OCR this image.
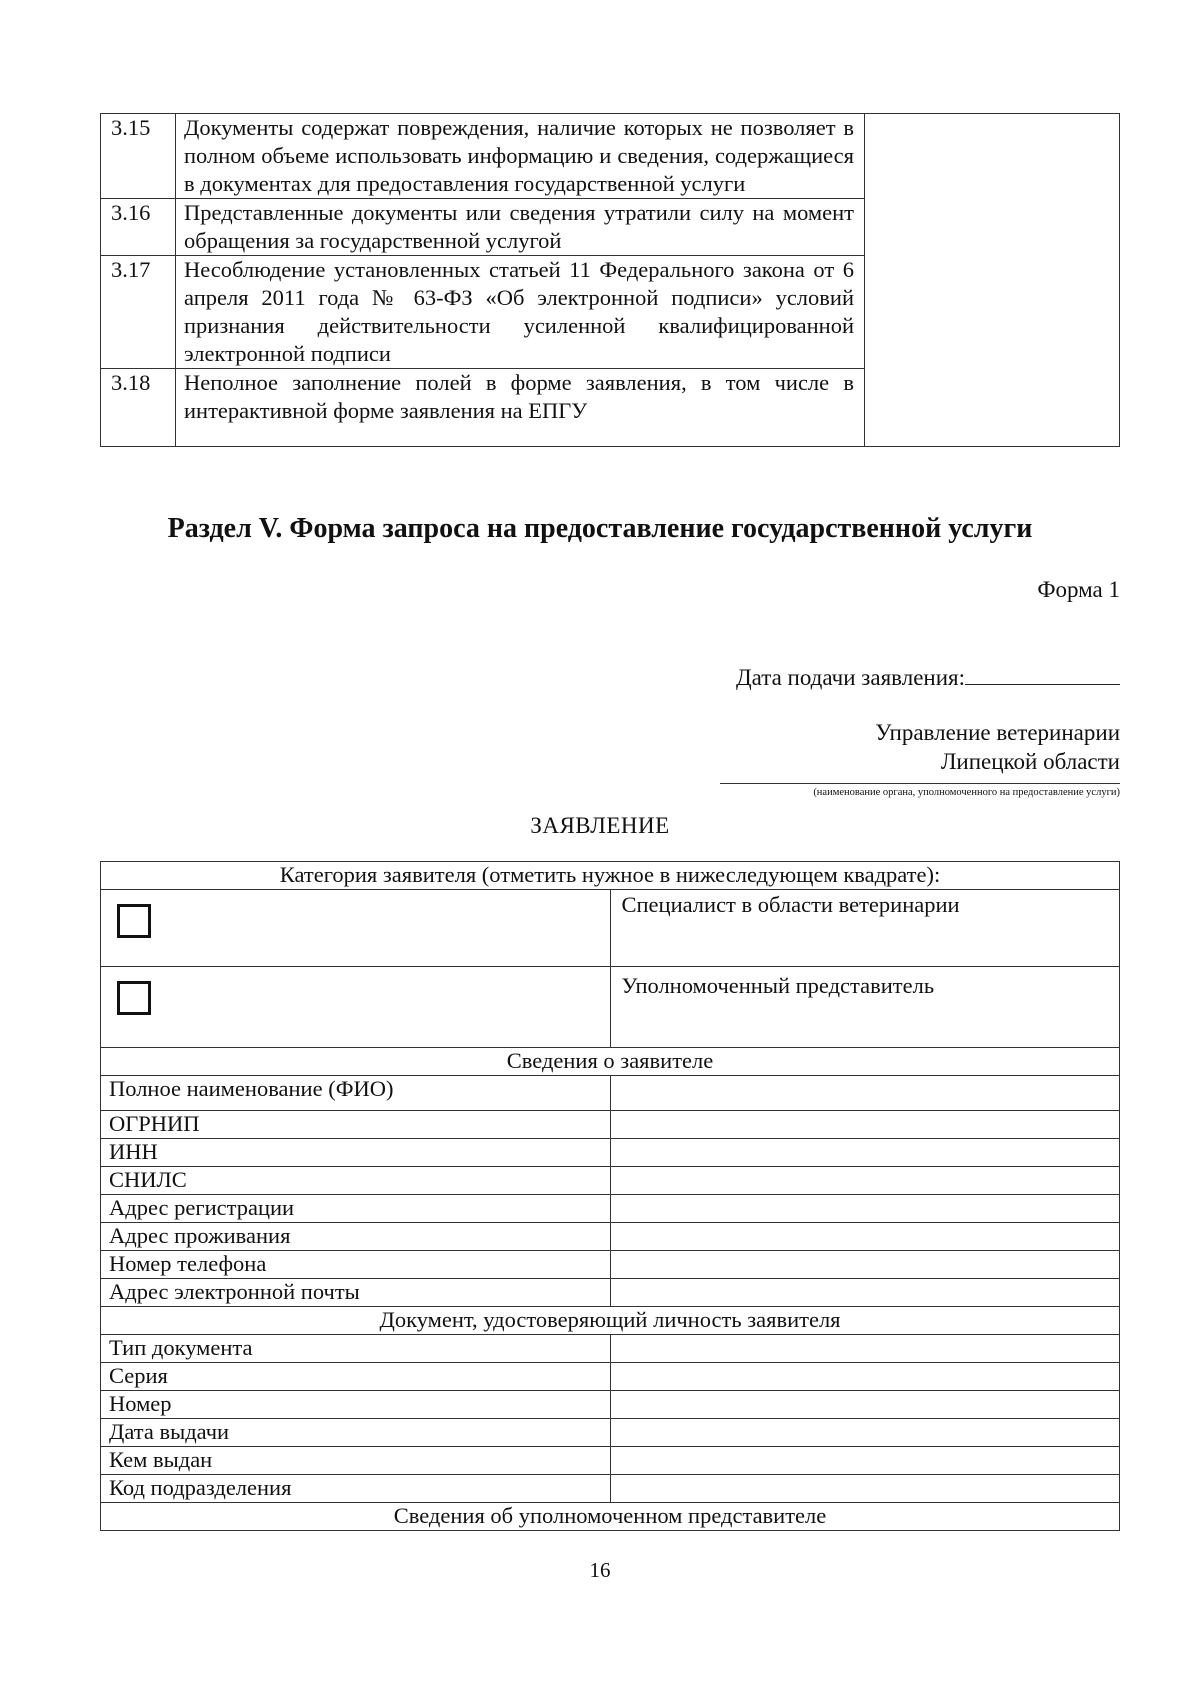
3.15	Документы содержат повреждения, наличие которых не позволяет в полном объеме использовать информацию и сведения, содержащиеся в документах для предоставления государственной услуги	
3.16	Представленные документы или сведения утратили силу на момент обращения за государственной услугой	
3.17	Несоблюдение установленных статьей 11 Федерального закона от 6 апреля 2011 года № 63-ФЗ «Об электронной подписи» условий признания действительности усиленной квалифицированной электронной подписи	
3.18	Неполное заполнение полей в форме заявления, в том числе в интерактивной форме заявления на ЕПГУ	
Раздел V. Форма запроса на предоставление государственной услуги
Форма 1
Дата подачи заявления:
Управление ветеринарии
Липецкой области
(наименование органа, уполномоченного на предоставление услуги)
ЗАЯВЛЕНИЕ
Категория заявителя (отметить нужное в нижеследующем квадрате):	
	Специалист в области ветеринарии
	Уполномоченный представитель
Сведения о заявителе	
Полное наименование (ФИО)	
ОГРНИП	
ИНН	
СНИЛС	
Адрес регистрации	
Адрес проживания	
Номер телефона	
Адрес электронной почты	
Документ, удостоверяющий личность заявителя	
Тип документа	
Серия	
Номер	
Дата выдачи	
Кем выдан	
Код подразделения	
Сведения об уполномоченном представителе	
16
